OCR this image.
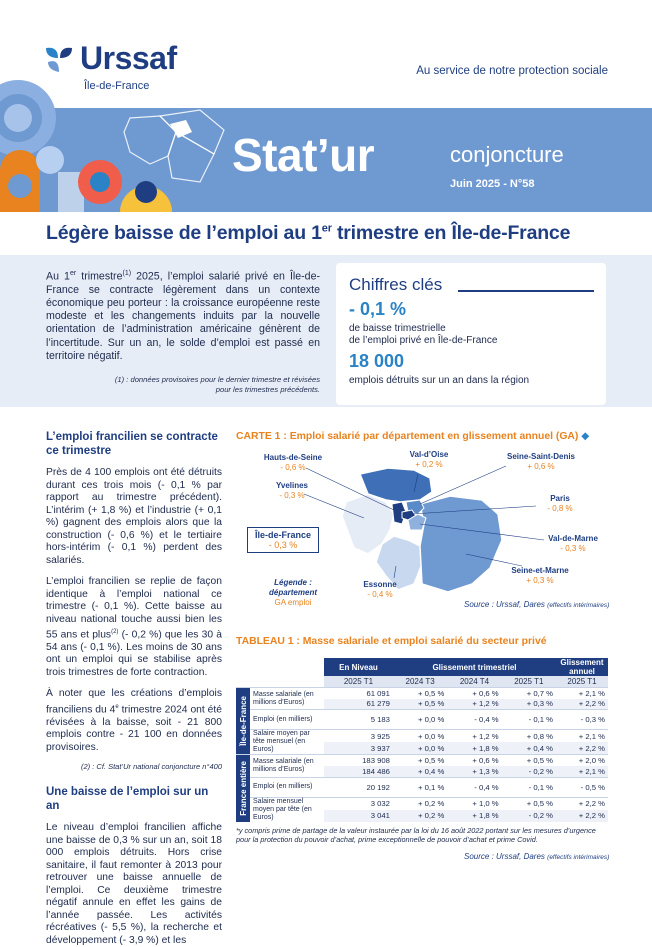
Urssaf
Île-de-France
Au service de notre protection sociale
Stat’ur	conjoncture
Juin 2025 - N°58
Légère baisse de l’emploi au 1er trimestre en Île-de-France

Au 1er trimestre$^{(1)}$ 2025, l’emploi salarié privé en Île-de-France se contracte légèrement dans un contexte économique peu porteur : la croissance européenne reste modeste et les changements induits par la nouvelle orientation de l’administration américaine génèrent de l’incertitude. Sur un an, le solde d’emploi est passé en territoire négatif.

(1) : données provisoires pour le dernier trimestre et révisées pour les trimestres précédents.

Chiffres clés
- 0,1 %
de baisse trimestrielle
de l’emploi privé en Île-de-France
18 000
emplois détruits sur un an dans la région
L’emploi francilien se contracte ce trimestre

Près de 4 100 emplois ont été détruits durant ces trois mois (- 0,1 % par rapport au trimestre précédent). L’intérim (+ 1,8 %) et l’industrie (+ 0,1 %) gagnent des emplois alors que la construction (- 0,6 %) et le tertiaire hors-intérim (- 0,1 %) perdent des salariés.

L’emploi francilien se replie de façon identique à l’emploi national ce trimestre (- 0,1 %). Cette baisse au niveau national touche aussi bien les 55 ans et plus$^{(2)}$ (- 0,2 %) que les 30 à 54 ans (- 0,1 %). Les moins de 30 ans ont un emploi qui se stabilise après trois trimestres de forte contraction.

À noter que les créations d’emplois franciliens du 4e trimestre 2024 ont été révisées à la baisse, soit - 21 800 emplois contre - 21 100 en données provisoires.

(2) : Cf. Stat’Ur national conjoncture n°400

Une baisse de l’emploi sur un an

Le niveau d’emploi francilien affiche une baisse de 0,3 % sur un an, soit 18 000 emplois détruits. Hors crise sanitaire, il faut remonter à 2013 pour retrouver une baisse annuelle de l’emploi. Ce deuxième trimestre négatif annule en effet les gains de l’année passée. Les activités récréatives (- 5,5 %), la recherche et développement (- 3,9 %) et les

CARTE 1 : Emploi salarié par département en glissement annuel (GA) ◆
Hauts-de-Seine
- 0,6 %
Val-d’Oise
+ 0,2 %
Seine-Saint-Denis
+ 0,6 %
Yvelines
- 0,3 %	Paris
- 0,8 %
Val-de-Marne
- 0,3 %
Seine-et-Marne
+ 0,3 %
Essonne
- 0,4 %
Île-de-France
- 0,3 %
Légende : département
GA emploi	Source : Urssaf, Dares (effectifs intérimaires)
TABLEAU 1 : Masse salariale et emploi salarié du secteur privé
		En Niveau	Glissement trimestriel			Glissement annuel
		2025 T1	2024 T3	2024 T4	2025 T1	2025 T1

Île-de-France	Masse salariale (en millions d’Euros)	61 091	+ 0,5 %	+ 0,6 %	+ 0,7 %	+ 2,1 %
		61 279	+ 0,5 %	+ 1,2 %	+ 0,3 %	+ 2,2 %
	Emploi (en milliers)	5 183	+ 0,0 %	- 0,4 %	- 0,1 %	- 0,3 %
	Salaire moyen par tête mensuel (en Euros)	3 925	+ 0,0 %	+ 1,2 %	+ 0,8 %	+ 2,1 %
		3 937	+ 0,0 %	+ 1,8 %	+ 0,4 %	+ 2,2 %

France entière	Masse salariale (en millions d’Euros)	183 908	+ 0,5 %	+ 0,6 %	+ 0,5 %	+ 2,0 %
		184 486	+ 0,4 %	+ 1,3 %	- 0,2 %	+ 2,1 %
	Emploi (en milliers)	20 192	+ 0,1 %	- 0,4 %	- 0,1 %	- 0,5 %
	Salaire mensuel moyen par tête (en Euros)	3 032	+ 0,2 %	+ 1,0 %	+ 0,5 %	+ 2,2 %
		3 041	+ 0,2 %	+ 1,8 %	- 0,2 %	+ 2,2 %

*y compris prime de partage de la valeur instaurée par la loi du 16 août 2022 portant sur les mesures d’urgence pour la protection du pouvoir d’achat, prime exceptionnelle de pouvoir d’achat et prime Covid.

Source : Urssaf, Dares (effectifs intérimaires)
